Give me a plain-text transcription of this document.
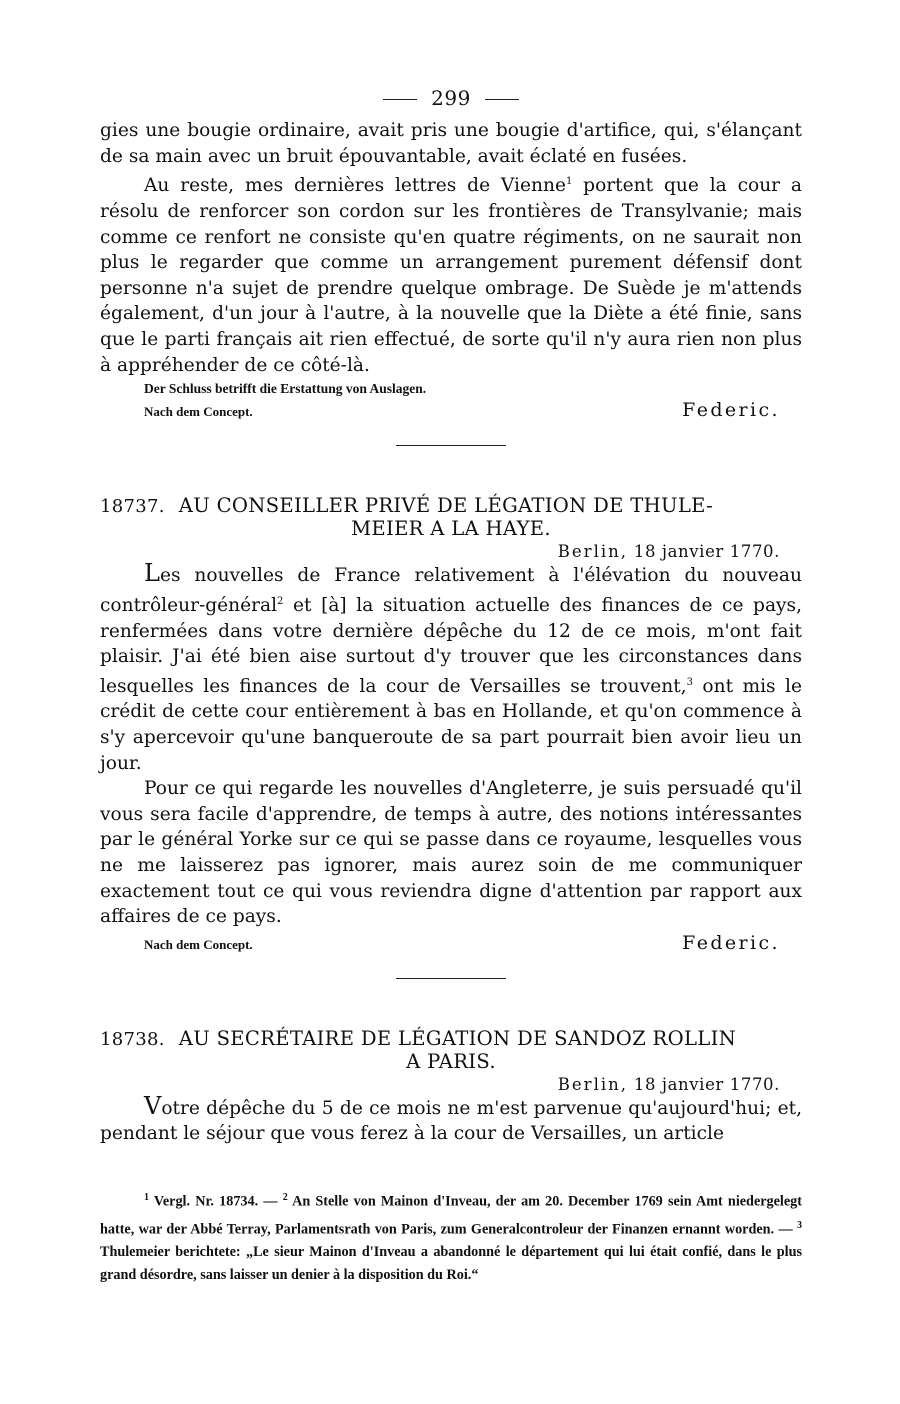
299

gies une bougie ordinaire, avait pris une bougie d'artifice, qui, s'élançant de sa main avec un bruit épouvantable, avait éclaté en fusées.

Au reste, mes dernières lettres de Vienne$^1$ portent que la cour a résolu de renforcer son cordon sur les frontières de Transylvanie; mais comme ce renfort ne consiste qu'en quatre régiments, on ne saurait non plus le regarder que comme un arrangement purement défensif dont personne n'a sujet de prendre quelque ombrage. De Suède je m'attends également, d'un jour à l'autre, à la nouvelle que la Diète a été finie, sans que le parti français ait rien effectué, de sorte qu'il n'y aura rien non plus à appréhender de ce côté-là.

Der Schluss betrifft die Erstattung von Auslagen.
Nach dem Concept.	Federic.
18737. AU CONSEILLER PRIVÉ DE LÉGATION DE THULE-
MEIER A LA HAYE.
Berlin, 18 janvier 1770.

Les nouvelles de France relativement à l'élévation du nouveau contrôleur-général$^2$ et [à] la situation actuelle des finances de ce pays, renfermées dans votre dernière dépêche du 12 de ce mois, m'ont fait plaisir. J'ai été bien aise surtout d'y trouver que les circonstances dans lesquelles les finances de la cour de Versailles se trouvent,$^3$ ont mis le crédit de cette cour entièrement à bas en Hollande, et qu'on commence à s'y apercevoir qu'une banqueroute de sa part pourrait bien avoir lieu un jour.

Pour ce qui regarde les nouvelles d'Angleterre, je suis persuadé qu'il vous sera facile d'apprendre, de temps à autre, des notions intéressantes par le général Yorke sur ce qui se passe dans ce royaume, lesquelles vous ne me laisserez pas ignorer, mais aurez soin de me communiquer exactement tout ce qui vous reviendra digne d'attention par rapport aux affaires de ce pays.

Nach dem Concept.	Federic.
18738. AU SECRÉTAIRE DE LÉGATION DE SANDOZ ROLLIN
A PARIS.
Berlin, 18 janvier 1770.

Votre dépêche du 5 de ce mois ne m'est parvenue qu'aujourd'hui; et, pendant le séjour que vous ferez à la cour de Versailles, un article

$^1$ Vergl. Nr. 18734. — $^2$ An Stelle von Mainon d'Inveau, der am 20. December 1769 sein Amt niedergelegt hatte, war der Abbé Terray, Parlamentsrath von Paris, zum Generalcontroleur der Finanzen ernannt worden. — $^3$ Thulemeier berichtete: „Le sieur Mainon d'Inveau a abandonné le département qui lui était confié, dans le plus grand désordre, sans laisser un denier à la disposition du Roi.“
